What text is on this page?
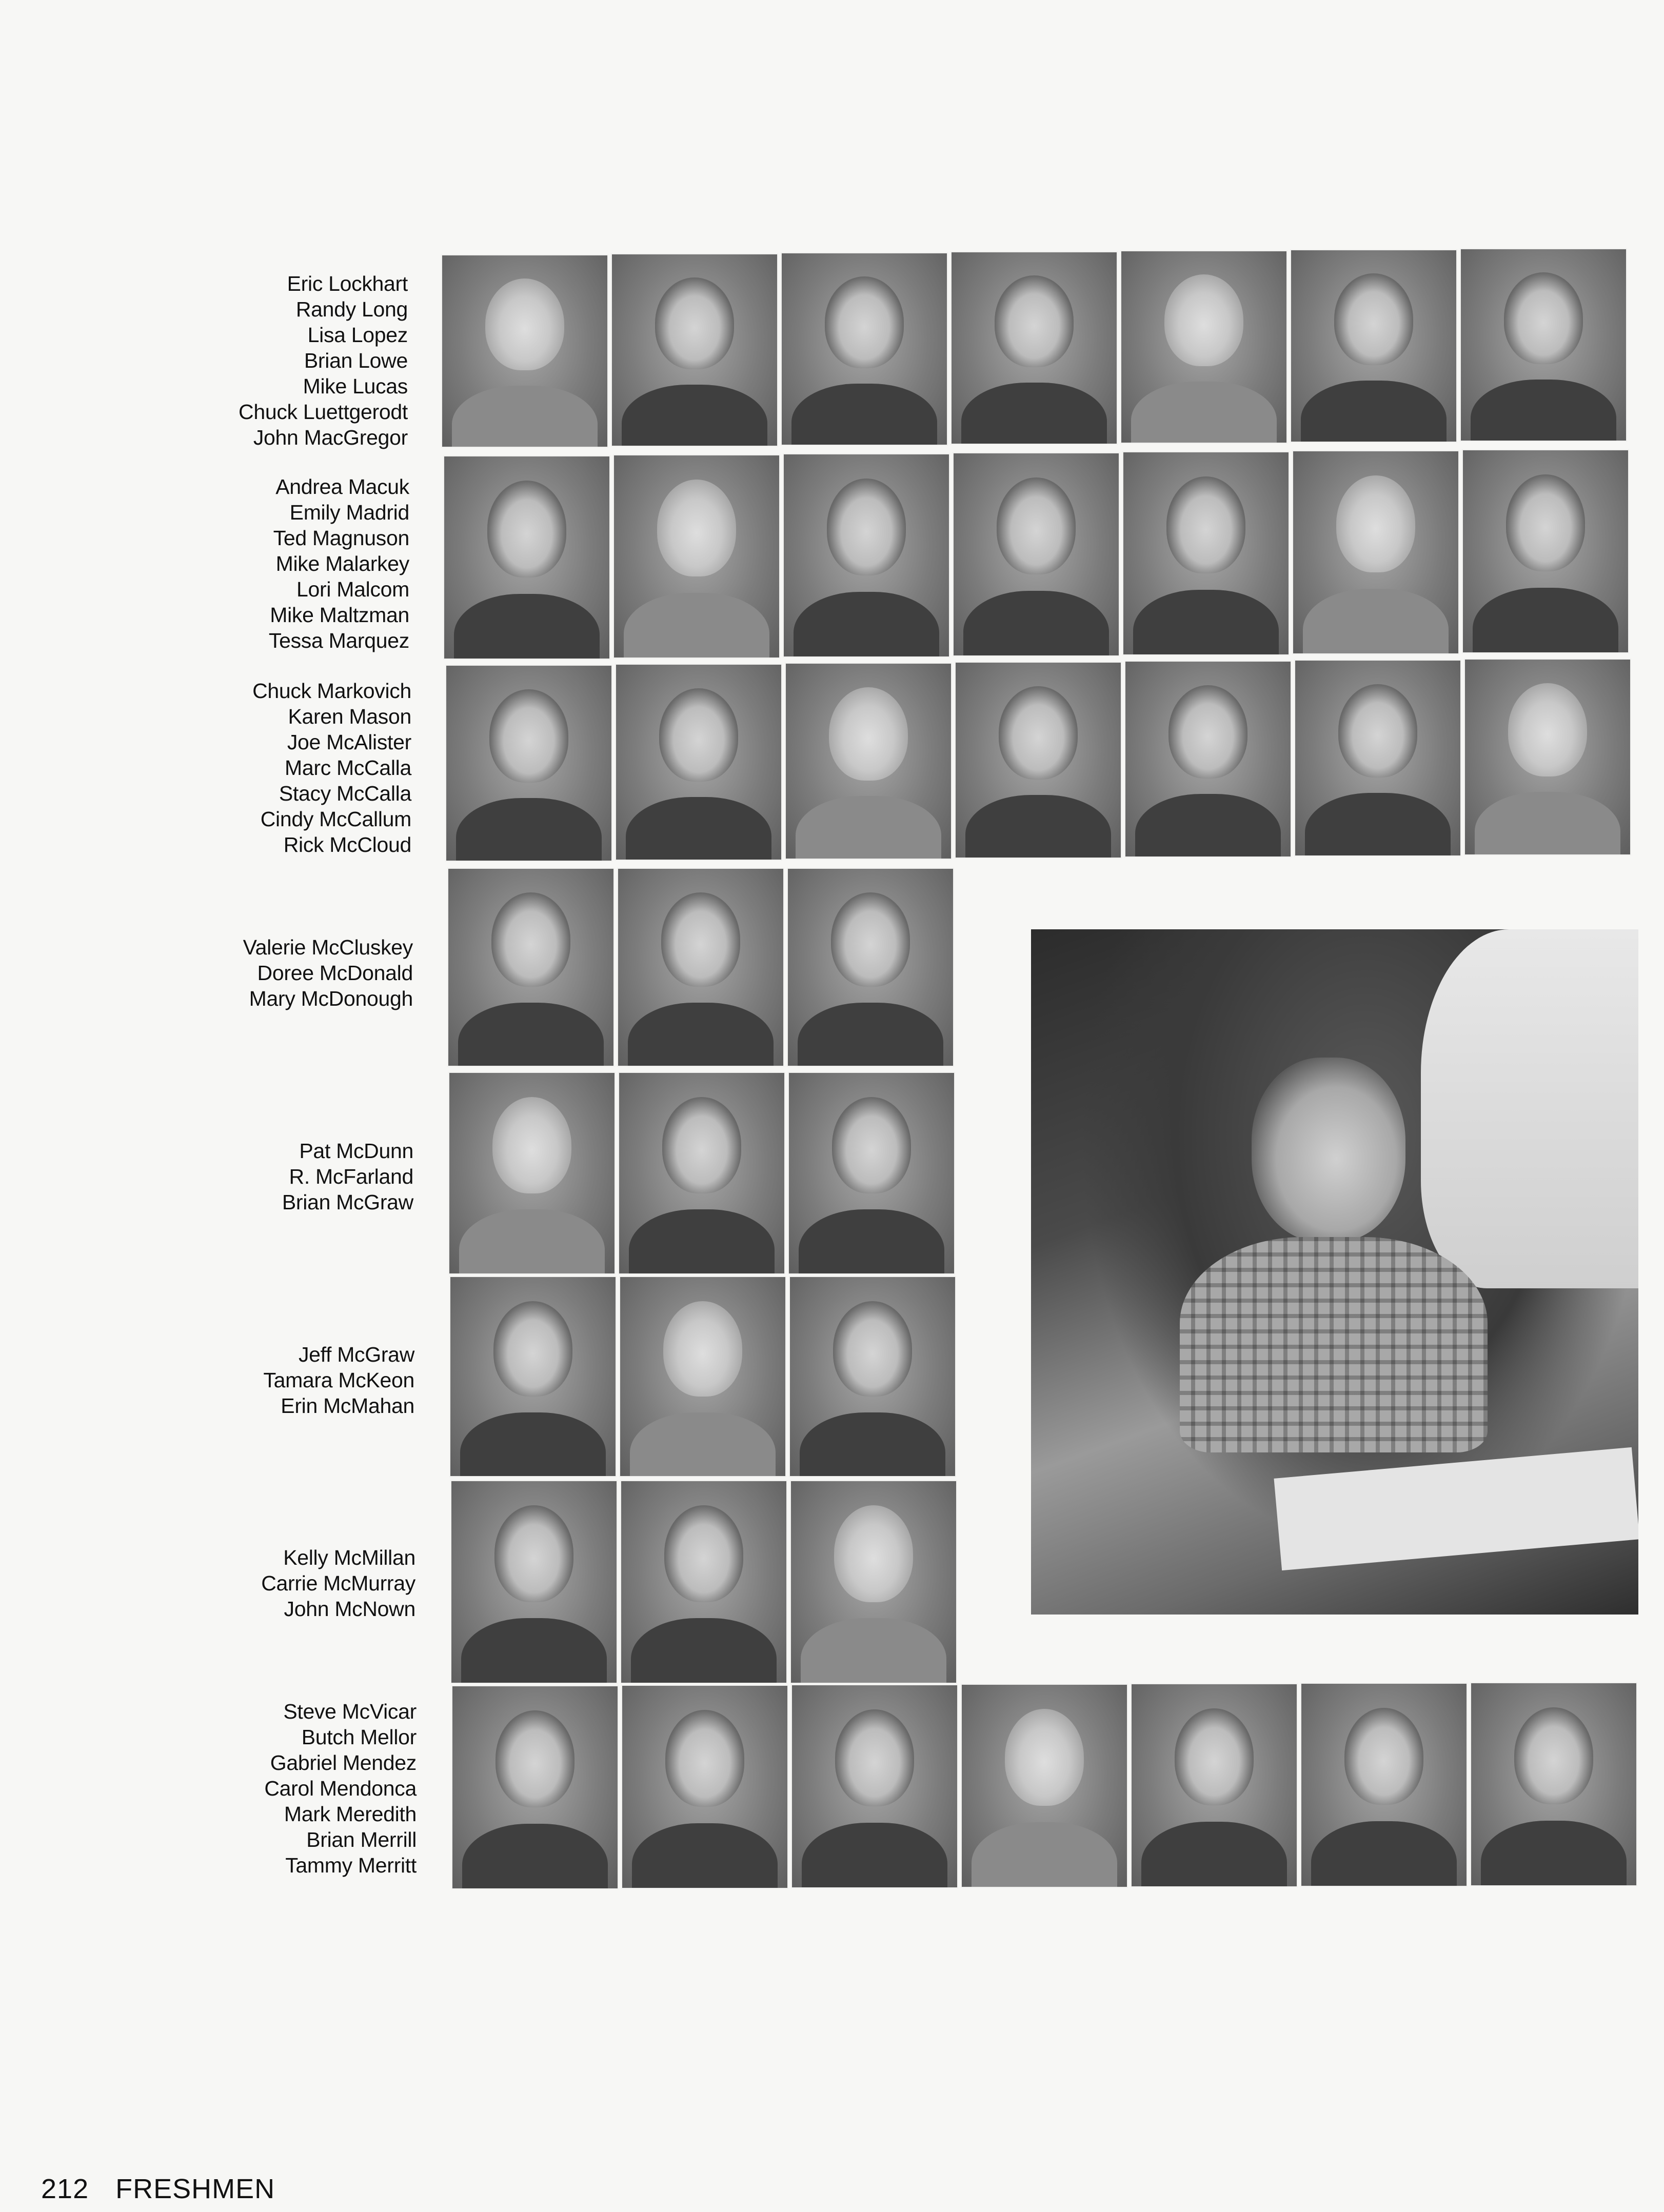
Eric Lockhart
Randy Long
Lisa Lopez
Brian Lowe
Mike Lucas
Chuck Luettgerodt
John MacGregor
Andrea Macuk
Emily Madrid
Ted Magnuson
Mike Malarkey
Lori Malcom
Mike Maltzman
Tessa Marquez
Chuck Markovich
Karen Mason
Joe McAlister
Marc McCalla
Stacy McCalla
Cindy McCallum
Rick McCloud
Valerie McCluskey
Doree McDonald
Mary McDonough
Pat McDunn
R. McFarland
Brian McGraw
Jeff McGraw
Tamara McKeon
Erin McMahan
Kelly McMillan
Carrie McMurray
John McNown
Steve McVicar
Butch Mellor
Gabriel Mendez
Carol Mendonca
Mark Meredith
Brian Merrill
Tammy Merritt
212 FRESHMEN
